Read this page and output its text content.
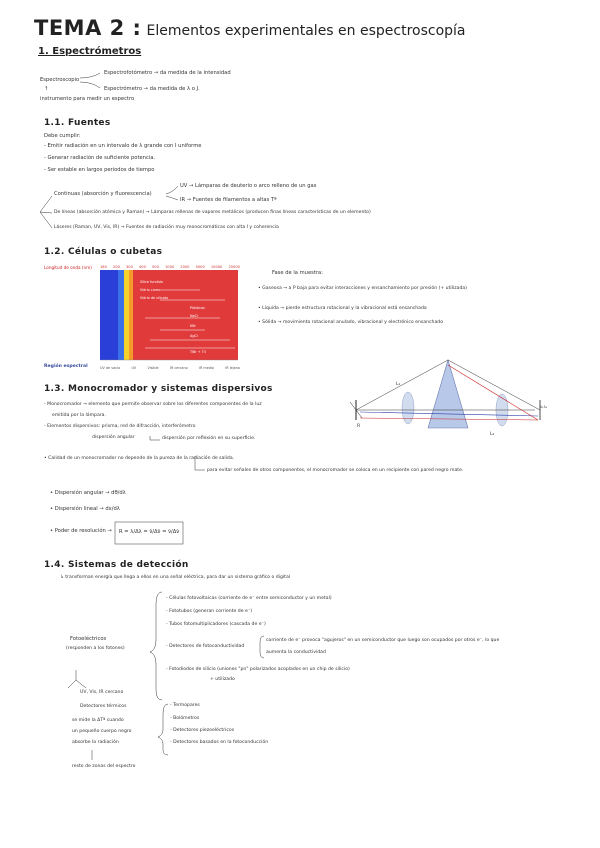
TEMA 2 : Elementos experimentales en espectroscopía
1. Espectrómetros
Espectroscopio
Espectrofotómetro → da medida de la intensidad
Espectrómetro → da medida de λ o J.
↑
instrumento para medir un espectro
1.1. Fuentes
Debe cumplir:
- Emitir radiación en un intervalo de λ grande con I uniforme
- Generar radiación de suficiente potencia.
- Ser estable en largos periodos de tiempo
Continuas (absorción y fluorescencia)
UV → Lámparas de deuterio o arco relleno de un gas
IR → Fuentes de filamentos a altas Tª
De líneas (absorción atómica y Raman) → Lámparas rellenas de vapores metálicos (producen finas líneas características de un elemento)
Láseres (Raman, UV, Vis, IR) → Fuentes de radiación muy monocromáticas con alta I y coherencia
1.2. Células o cubetas
Longitud de onda (nm) 180 200 300 400 500 1000 2000 5000 10000 25000
Sílice fundida
Vidrio corex
Vidrio de silicato
Plásticos
NaCl
KBr
AgCl
TlBr + TlI
Región espectral	UV de vacío	UV	Visible	IR cercano	IR medio	IR lejano
Fase de la muestra:
• Gaseosa → a P baja para evitar interacciones y ensanchamiento por presión (+ utilizada)
• Líquida → pierde estructura rotacional y la vibracional está ensanchada
• Sólida → movimiento rotacional anulado, vibracional y electrónico ensanchado
1.3. Monocromador y sistemas dispersivos
- Monocromador → elemento que permite observar sobre los diferentes componentes de la luz
emitida por la lámpara.
- Elementos dispersivos: prisma, red de difracción, interferómetro
dispersión angular	dispersión por reflexión en su superficie.
• Calidad de un monocromador no depende de la pureza de la radiación de salida.
para evitar señales de otros componentes, el monocromador se coloca en un recipiente con pared negro mate.
• Dispersión angular → dθ/dλ
• Dispersión lineal → dx/dλ
• Poder de resolución → R = λ/Δλ = ν̄/Δν̄ = ν̄/Δν̄
L₁
L₂
R
λ₁λ₂
1.4. Sistemas de detección
↳ transforman energía que llega a ellos en una señal eléctrica, para dar un sistema gráfico o digital
Fotoeléctricos
(responden a los fotones)
UV, Vis, IR cercano
- Células fotovoltaicas (corriente de e⁻ entre semiconductor y un metal)
- Fototubos (generan corriente de e⁻)
- Tubos fotomultiplicadores (cascada de e⁻)
- Detectores de fotoconductividad
- Fotodiodos de silicio (uniones "pn" polarizados acoplados en un chip de silicio)
+ utilizado
corriente de e⁻ provoca "agujeros" en un semiconductor que luego son ocupados por otros e⁻, lo que
aumenta la conductividad
Detectores térmicos
se mide la ΔTª cuando
un pequeño cuerpo negro
absorbe la radiación
resto de zonas del espectro
- Termopares
- Bolómetros
- Detectores piezoeléctricos
- Detectores basados en la fotoconducción
